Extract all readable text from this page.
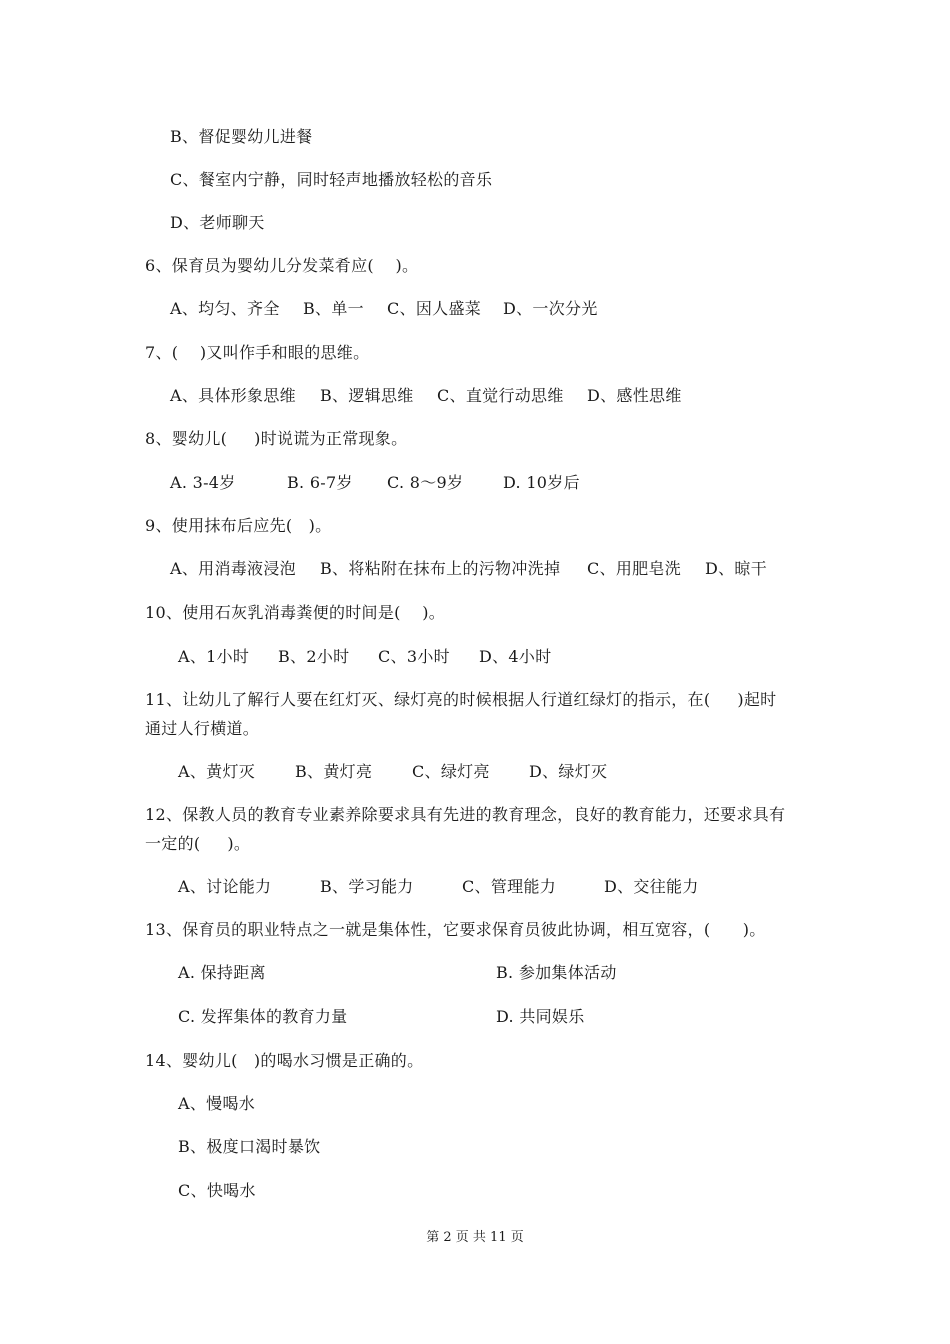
B、督促婴幼儿进餐
C、餐室内宁静，同时轻声地播放轻松的音乐
D、老师聊天
6、保育员为婴幼儿分发菜肴应(    )。
A、均匀、齐全 B、单一 C、因人盛菜 D、一次分光
7、(    )又叫作手和眼的思维。
A、具体形象思维 B、逻辑思维 C、直觉行动思维 D、感性思维
8、婴幼儿(     )时说谎为正常现象。
A. 3-4岁	B. 6-7岁 C. 8～9岁 D. 10岁后
9、使用抹布后应先(   )。
A、用消毒液浸泡 B、将粘附在抹布上的污物冲洗掉 C、用肥皂洗 D、晾干
10、使用石灰乳消毒粪便的时间是(    )。
A、1小时 B、2小时 C、3小时 D、4小时
11、让幼儿了解行人要在红灯灭、绿灯亮的时候根据人行道红绿灯的指示，在(     )起时
通过人行横道。
A、黄灯灭 B、黄灯亮 C、绿灯亮 D、绿灯灭
12、保教人员的教育专业素养除要求具有先进的教育理念，良好的教育能力，还要求具有
一定的(     )。
A、讨论能力	B、学习能力	C、管理能力	D、交往能力
13、保育员的职业特点之一就是集体性，它要求保育员彼此协调，相互宽容，(      )。
A. 保持距离	B. 参加集体活动
C. 发挥集体的教育力量	D. 共同娱乐
14、婴幼儿(   )的喝水习惯是正确的。
A、慢喝水
B、极度口渴时暴饮
C、快喝水
第 2 页 共 11 页
